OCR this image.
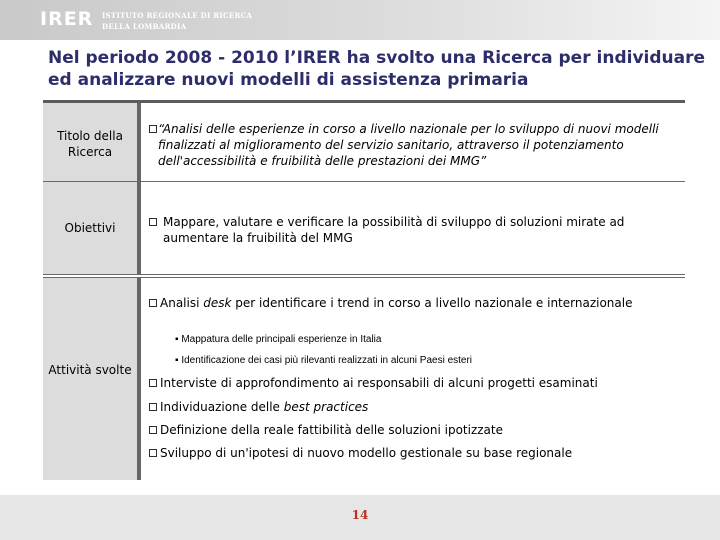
IRER ISTITUTO REGIONALE DI RICERCA
DELLA LOMBARDIA
Nel periodo 2008 - 2010 l’IRER ha svolto una Ricerca per individuare ed analizzare nuovi modelli di assistenza primaria
Titolo della Ricerca
“Analisi delle esperienze in corso a livello nazionale per lo sviluppo di nuovi modelli finalizzati al miglioramento del servizio sanitario, attraverso il potenziamento dell'accessibilità e fruibilità delle prestazioni dei MMG”
Obiettivi	Mappare, valutare e verificare la possibilità di sviluppo di soluzioni mirate ad aumentare la fruibilità del MMG
Attività svolte
Analisi desk per identificare i trend in corso a livello nazionale e internazionale
▪ Mappatura delle principali esperienze in Italia
▪ Identificazione dei casi più rilevanti realizzati in alcuni Paesi esteri
Interviste di approfondimento ai responsabili di alcuni progetti esaminati
Individuazione delle best practices
Definizione della reale fattibilità delle soluzioni ipotizzate
Sviluppo di un'ipotesi di nuovo modello gestionale su base regionale
14
